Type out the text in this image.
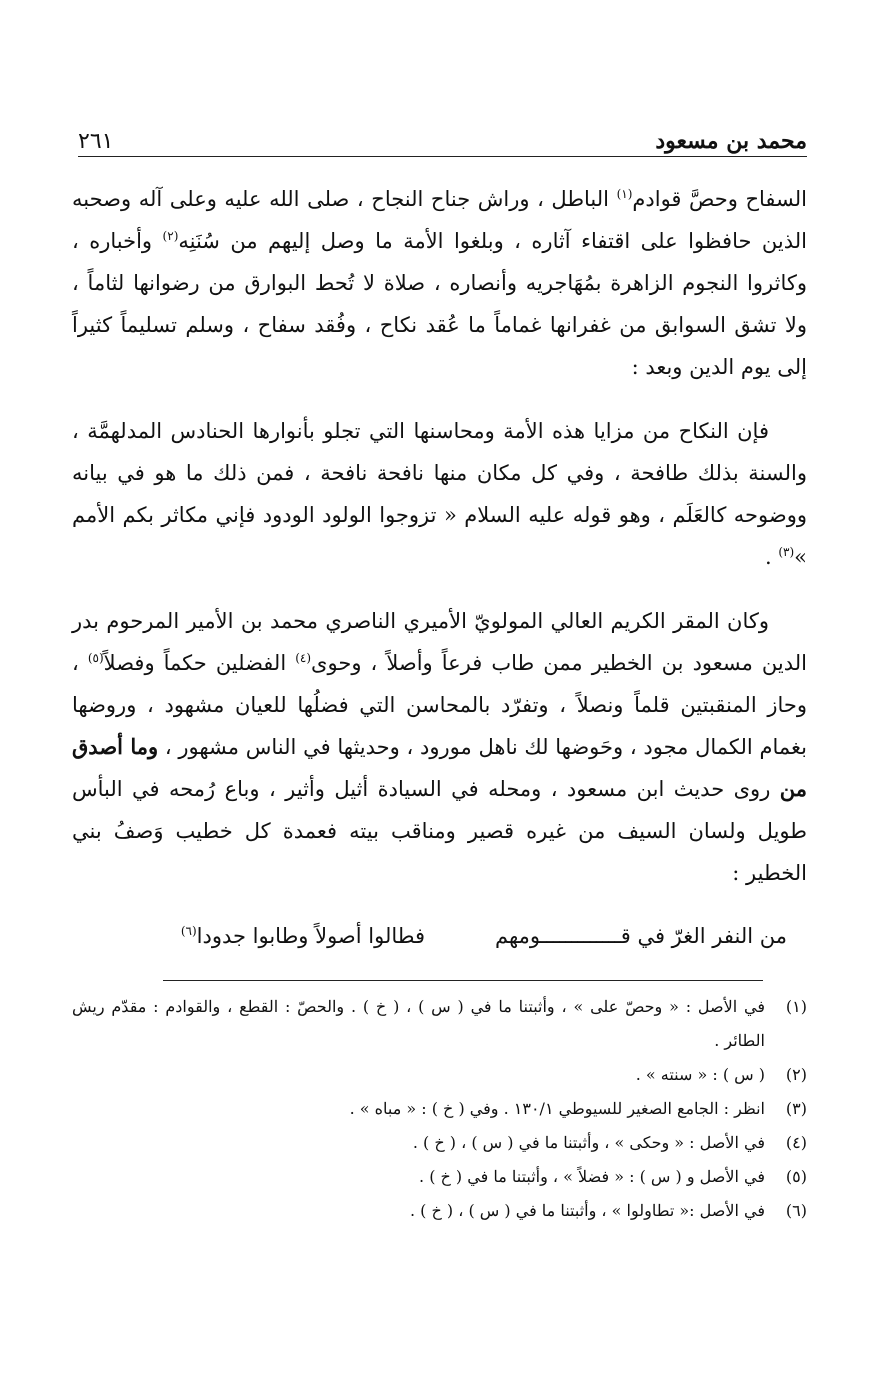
محمد بن مسعود
٢٦١

السفاح وحصَّ قوادم$^{(١)}$ الباطل ، وراش جناح النجاح ، صلى الله عليه وعلى آله وصحبه الذين حافظوا على اقتفاء آثاره ، وبلغوا الأمة ما وصل إليهم من سُنَنِه$^{(٢)}$ وأخباره ، وكاثروا النجوم الزاهرة بمُهَاجريه وأنصاره ، صلاة لا تُحط البوارق من رضوانها لثاماً ، ولا تشق السوابق من غفرانها غماماً ما عُقد نكاح ، وفُقد سفاح ، وسلم تسليماً كثيراً إلى يوم الدين وبعد :

فإن النكاح من مزايا هذه الأمة ومحاسنها التي تجلو بأنوارها الحنادس المدلهمَّة ، والسنة بذلك طافحة ، وفي كل مكان منها نافحة نافحة ، فمن ذلك ما هو في بيانه ووضوحه كالعَلَم ، وهو قوله عليه السلام « تزوجوا الولود الودود فإني مكاثر بكم الأمم »$^{(٣)}$ .

وكان المقر الكريم العالي المولويّ الأميري الناصري محمد بن الأمير المرحوم بدر الدين مسعود بن الخطير ممن طاب فرعاً وأصلاً ، وحوى$^{(٤)}$ الفضلين حكماً وفصلاً$^{(٥)}$ ، وحاز المنقبتين قلماً ونصلاً ، وتفرّد بالمحاسن التي فضلُها للعيان مشهود ، وروضها بغمام الكمال مجود ، وحَوضها لك ناهل مورود ، وحديثها في الناس مشهور ، وما أصدق من روى حديث ابن مسعود ، ومحله في السيادة أثيل وأثير ، وباع رُمحه في البأس طويل ولسان السيف من غيره قصير ومناقب بيته فعمدة كل خطيب وَصفُ بني الخطير :

من النفر الغرّ في قـــــــــــــومهم
فطالوا أصولاً وطابوا جدودا$^{(٦)}$
(١)
في الأصل : « وحصّ على » ، وأثبتنا ما في ( س ) ، ( خ ) . والحصّ : القطع ، والقوادم : مقدّم ريش الطائر .
(٢)
( س ) : « سنته » .
(٣)
انظر : الجامع الصغير للسيوطي ١٣٠/١ . وفي ( خ ) : « مباه » .
(٤)
في الأصل : « وحكى » ، وأثبتنا ما في ( س ) ، ( خ ) .
(٥)
في الأصل و ( س ) : « فضلاً » ، وأثبتنا ما في ( خ ) .
(٦)
في الأصل :« تطاولوا » ، وأثبتنا ما في ( س ) ، ( خ ) .
